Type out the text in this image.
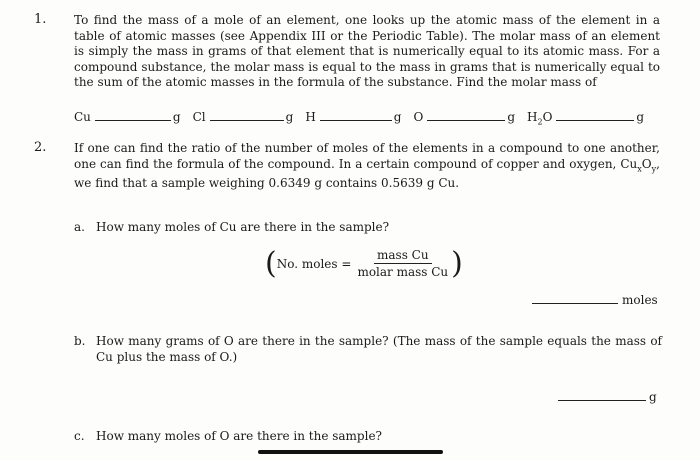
1. To find the mass of a mole of an element, one looks up the atomic mass of the element in a table of atomic masses (see Appendix III or the Periodic Table). The molar mass of an element is simply the mass in grams of that element that is numerically equal to its atomic mass. For a compound substance, the molar mass is equal to the mass in grams that is numerically equal to the sum of the atomic masses in the formula of the substance. Find the molar mass of
Cu	g Cl	g H	g O	g $H_2O$	g
2. If one can find the ratio of the number of moles of the elements in a compound to one another, one can find the formula of the compound. In a certain compound of copper and oxygen, $Cu_xO_y$, we find that a sample weighing 0.6349 g contains 0.5639 g Cu.
a. How many moles of Cu are there in the sample?
( No. moles = $\frac{\text{mass Cu}}{\text{molar mass Cu}}$ )
moles
b. How many grams of O are there in the sample? (The mass of the sample equals the mass of Cu plus the mass of O.)
g
c. How many moles of O are there in the sample?
